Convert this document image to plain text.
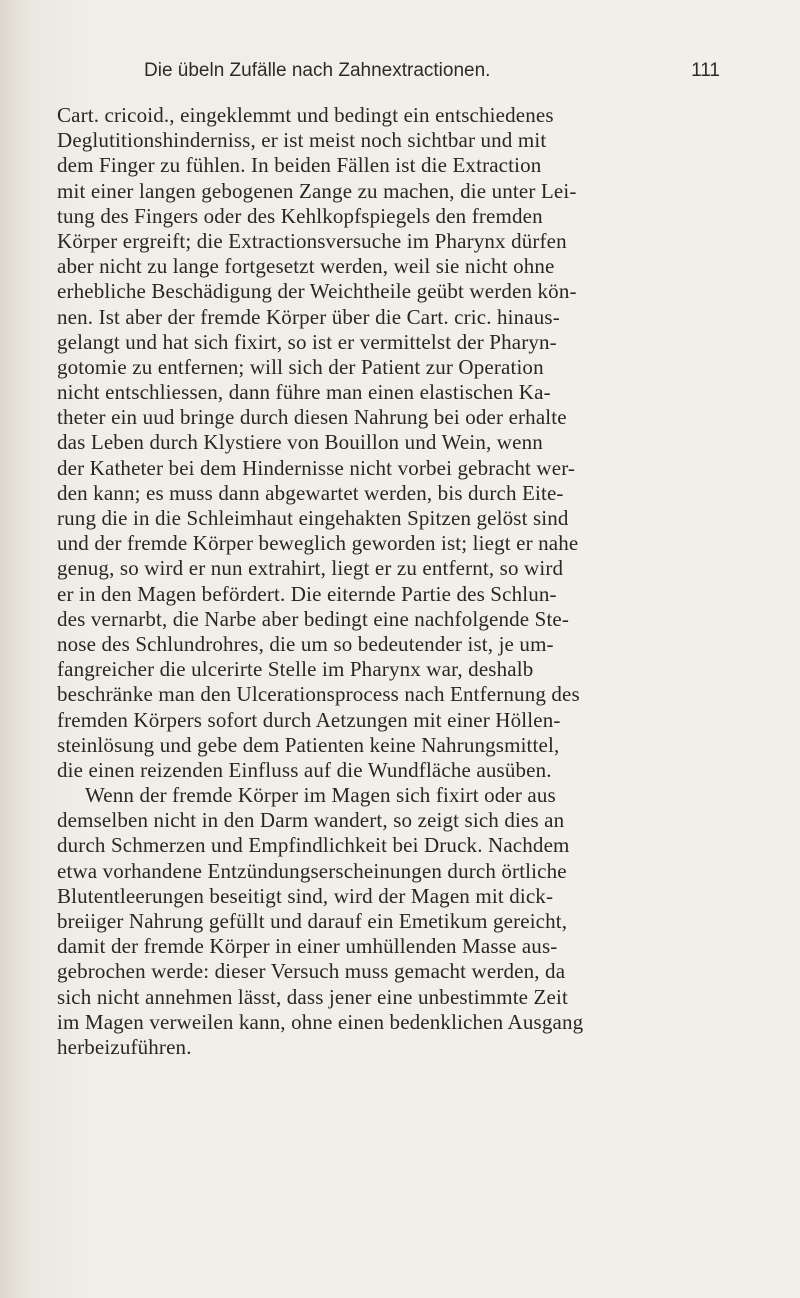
Die übeln Zufälle nach Zahnextractionen.	111
Cart. cricoid., eingeklemmt und bedingt ein entschiedenes
Deglutitionshinderniss, er ist meist noch sichtbar und mit
dem Finger zu fühlen. In beiden Fällen ist die Extraction
mit einer langen gebogenen Zange zu machen, die unter Lei-
tung des Fingers oder des Kehlkopfspiegels den fremden
Körper ergreift; die Extractionsversuche im Pharynx dürfen
aber nicht zu lange fortgesetzt werden, weil sie nicht ohne
erhebliche Beschädigung der Weichtheile geübt werden kön-
nen. Ist aber der fremde Körper über die Cart. cric. hinaus-
gelangt und hat sich fixirt, so ist er vermittelst der Pharyn-
gotomie zu entfernen; will sich der Patient zur Operation
nicht entschliessen, dann führe man einen elastischen Ka-
theter ein uud bringe durch diesen Nahrung bei oder erhalte
das Leben durch Klystiere von Bouillon und Wein, wenn
der Katheter bei dem Hindernisse nicht vorbei gebracht wer-
den kann; es muss dann abgewartet werden, bis durch Eite-
rung die in die Schleimhaut eingehakten Spitzen gelöst sind
und der fremde Körper beweglich geworden ist; liegt er nahe
genug, so wird er nun extrahirt, liegt er zu entfernt, so wird
er in den Magen befördert. Die eiternde Partie des Schlun-
des vernarbt, die Narbe aber bedingt eine nachfolgende Ste-
nose des Schlundrohres, die um so bedeutender ist, je um-
fangreicher die ulcerirte Stelle im Pharynx war, deshalb
beschränke man den Ulcerationsprocess nach Entfernung des
fremden Körpers sofort durch Aetzungen mit einer Höllen-
steinlösung und gebe dem Patienten keine Nahrungsmittel,
die einen reizenden Einfluss auf die Wundfläche ausüben.
Wenn der fremde Körper im Magen sich fixirt oder aus
demselben nicht in den Darm wandert, so zeigt sich dies an
durch Schmerzen und Empfindlichkeit bei Druck. Nachdem
etwa vorhandene Entzündungserscheinungen durch örtliche
Blutentleerungen beseitigt sind, wird der Magen mit dick-
breiiger Nahrung gefüllt und darauf ein Emetikum gereicht,
damit der fremde Körper in einer umhüllenden Masse aus-
gebrochen werde: dieser Versuch muss gemacht werden, da
sich nicht annehmen lässt, dass jener eine unbestimmte Zeit
im Magen verweilen kann, ohne einen bedenklichen Ausgang
herbeizuführen.
